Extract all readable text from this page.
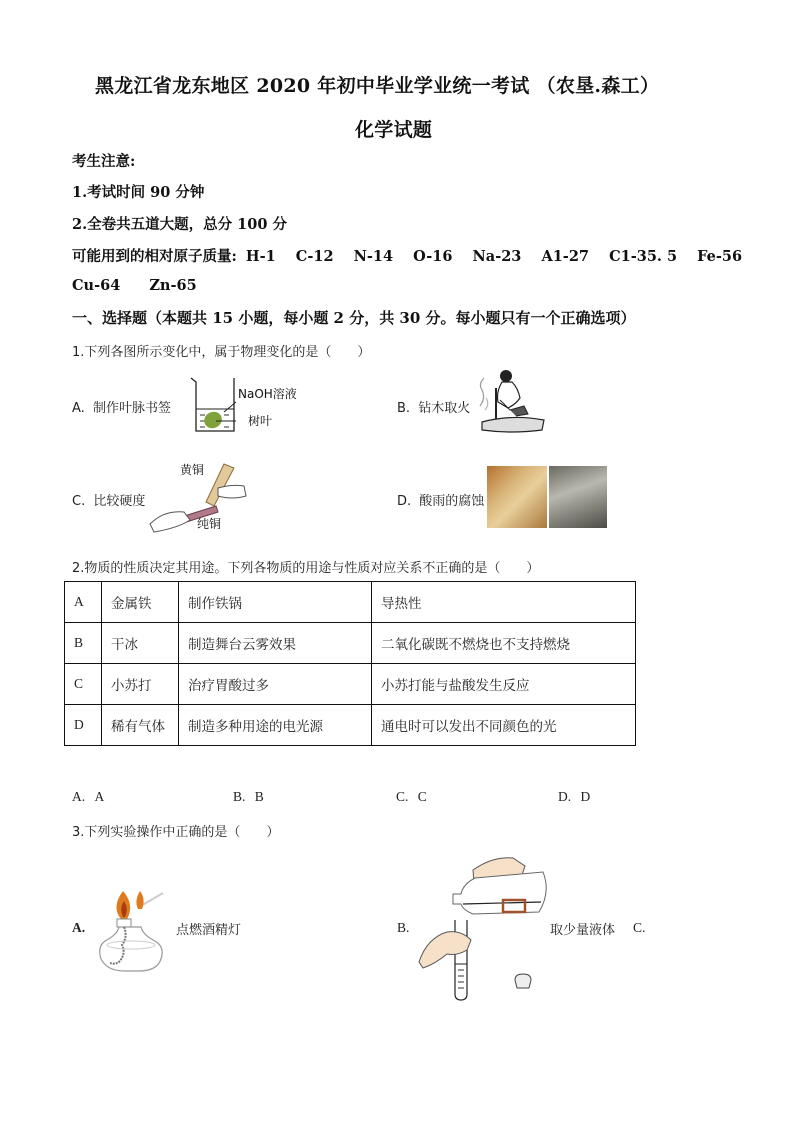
黑龙江省龙东地区 2020 年初中毕业学业统一考试 （农垦.森工）
化学试题
考生注意:
1.考试时间 90 分钟
2.全卷共五道大题，总分 100 分
可能用到的相对原子质量: H-1 C-12 N-14 O-16 Na-23 A1-27 C1-35. 5 Fe-56
Cu-64 Zn-65
一、选择题（本题共 15 小题，每小题 2 分，共 30 分。每小题只有一个正确选项）
1.下列各图所示变化中，属于物理变化的是（　　）
A. 制作叶脉书签
NaOH溶液
树叶
B. 钻木取火
C. 比较硬度
黄铜
纯铜
D. 酸雨的腐蚀
2.物质的性质决定其用途。下列各物质的用途与性质对应关系不正确的是（　　）
A	金属铁	制作铁锅	导热性
B	干冰	制造舞台云雾效果	二氧化碳既不燃烧也不支持燃烧
C	小苏打	治疗胃酸过多	小苏打能与盐酸发生反应
D	稀有气体	制造多种用途的电光源	通电时可以发出不同颜色的光
A. A	B. B	C. C	D. D
3.下列实验操作中正确的是（　　）
A.	点燃酒精灯	B.	取少量液体 C.
